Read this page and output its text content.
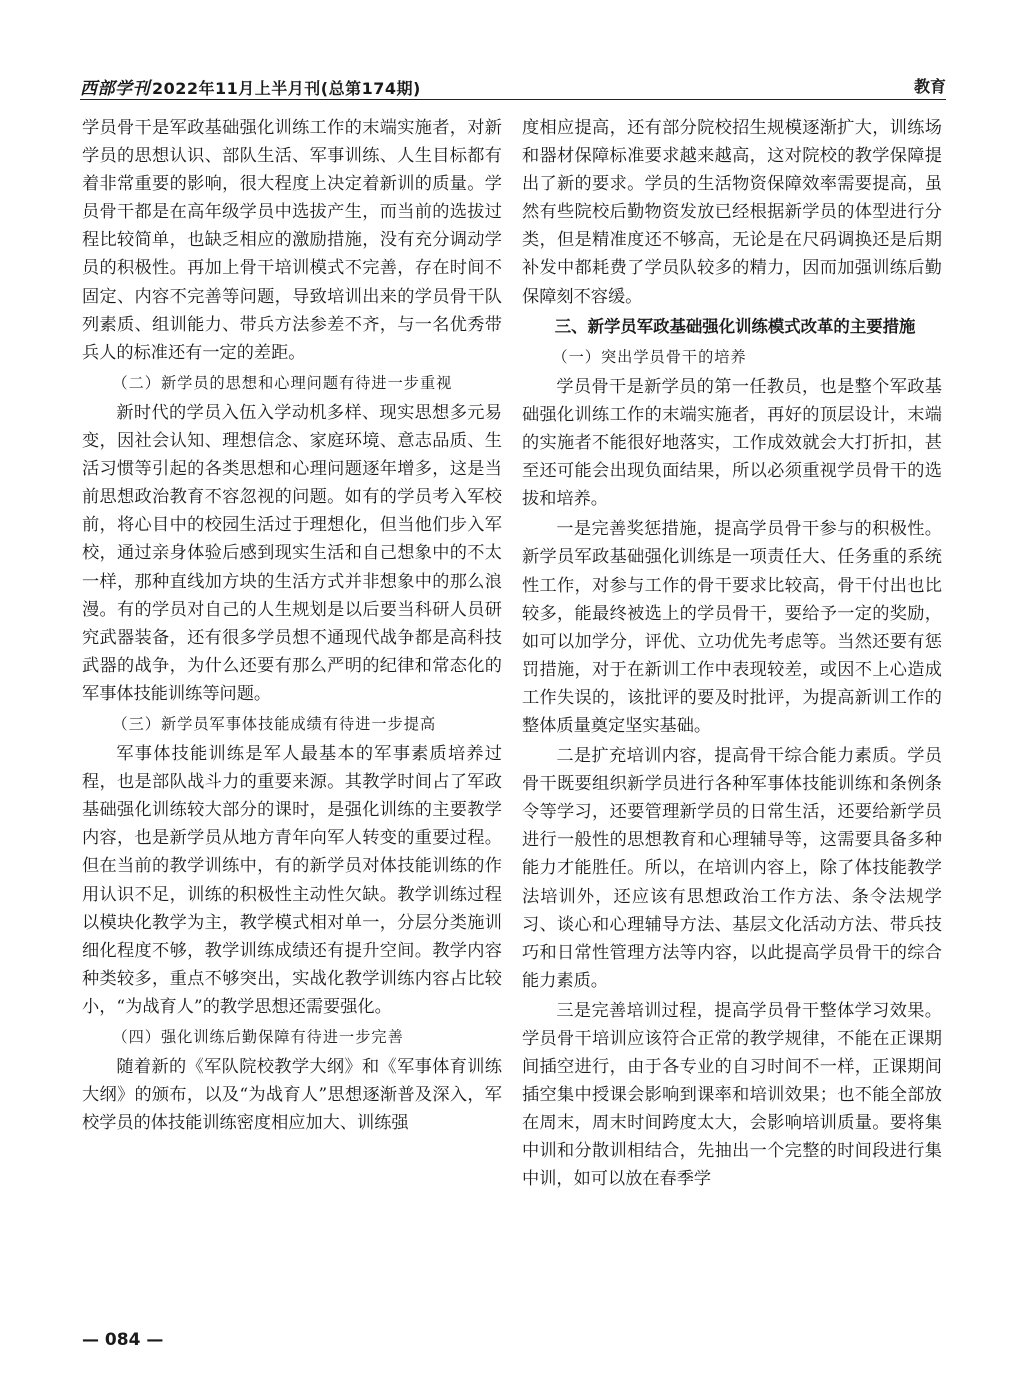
西部学刊 2022年11月上半月刊(总第174期)	教育

学员骨干是军政基础强化训练工作的末端实施者，对新学员的思想认识、部队生活、军事训练、人生目标都有着非常重要的影响，很大程度上决定着新训的质量。学员骨干都是在高年级学员中选拔产生，而当前的选拔过程比较简单，也缺乏相应的激励措施，没有充分调动学员的积极性。再加上骨干培训模式不完善，存在时间不固定、内容不完善等问题，导致培训出来的学员骨干队列素质、组训能力、带兵方法参差不齐，与一名优秀带兵人的标准还有一定的差距。

（二）新学员的思想和心理问题有待进一步重视

新时代的学员入伍入学动机多样、现实思想多元易变，因社会认知、理想信念、家庭环境、意志品质、生活习惯等引起的各类思想和心理问题逐年增多，这是当前思想政治教育不容忽视的问题。如有的学员考入军校前，将心目中的校园生活过于理想化，但当他们步入军校，通过亲身体验后感到现实生活和自己想象中的不太一样，那种直线加方块的生活方式并非想象中的那么浪漫。有的学员对自己的人生规划是以后要当科研人员研究武器装备，还有很多学员想不通现代战争都是高科技武器的战争，为什么还要有那么严明的纪律和常态化的军事体技能训练等问题。

（三）新学员军事体技能成绩有待进一步提高

军事体技能训练是军人最基本的军事素质培养过程，也是部队战斗力的重要来源。其教学时间占了军政基础强化训练较大部分的课时，是强化训练的主要教学内容，也是新学员从地方青年向军人转变的重要过程。但在当前的教学训练中，有的新学员对体技能训练的作用认识不足，训练的积极性主动性欠缺。教学训练过程以模块化教学为主，教学模式相对单一，分层分类施训细化程度不够，教学训练成绩还有提升空间。教学内容种类较多，重点不够突出，实战化教学训练内容占比较小，“为战育人”的教学思想还需要强化。

（四）强化训练后勤保障有待进一步完善

随着新的《军队院校教学大纲》和《军事体育训练大纲》的颁布，以及“为战育人”思想逐渐普及深入，军校学员的体技能训练密度相应加大、训练强

度相应提高，还有部分院校招生规模逐渐扩大，训练场和器材保障标准要求越来越高，这对院校的教学保障提出了新的要求。学员的生活物资保障效率需要提高，虽然有些院校后勤物资发放已经根据新学员的体型进行分类，但是精准度还不够高，无论是在尺码调换还是后期补发中都耗费了学员队较多的精力，因而加强训练后勤保障刻不容缓。

三、新学员军政基础强化训练模式改革的主要措施

（一）突出学员骨干的培养

学员骨干是新学员的第一任教员，也是整个军政基础强化训练工作的末端实施者，再好的顶层设计，末端的实施者不能很好地落实，工作成效就会大打折扣，甚至还可能会出现负面结果，所以必须重视学员骨干的选拔和培养。

一是完善奖惩措施，提高学员骨干参与的积极性。新学员军政基础强化训练是一项责任大、任务重的系统性工作，对参与工作的骨干要求比较高，骨干付出也比较多，能最终被选上的学员骨干，要给予一定的奖励，如可以加学分，评优、立功优先考虑等。当然还要有惩罚措施，对于在新训工作中表现较差，或因不上心造成工作失误的，该批评的要及时批评，为提高新训工作的整体质量奠定坚实基础。

二是扩充培训内容，提高骨干综合能力素质。学员骨干既要组织新学员进行各种军事体技能训练和条例条令等学习，还要管理新学员的日常生活，还要给新学员进行一般性的思想教育和心理辅导等，这需要具备多种能力才能胜任。所以，在培训内容上，除了体技能教学法培训外，还应该有思想政治工作方法、条令法规学习、谈心和心理辅导方法、基层文化活动方法、带兵技巧和日常性管理方法等内容，以此提高学员骨干的综合能力素质。

三是完善培训过程，提高学员骨干整体学习效果。学员骨干培训应该符合正常的教学规律，不能在正课期间插空进行，由于各专业的自习时间不一样，正课期间插空集中授课会影响到课率和培训效果；也不能全部放在周末，周末时间跨度太大，会影响培训质量。要将集中训和分散训相结合，先抽出一个完整的时间段进行集中训，如可以放在春季学

— 084 —
